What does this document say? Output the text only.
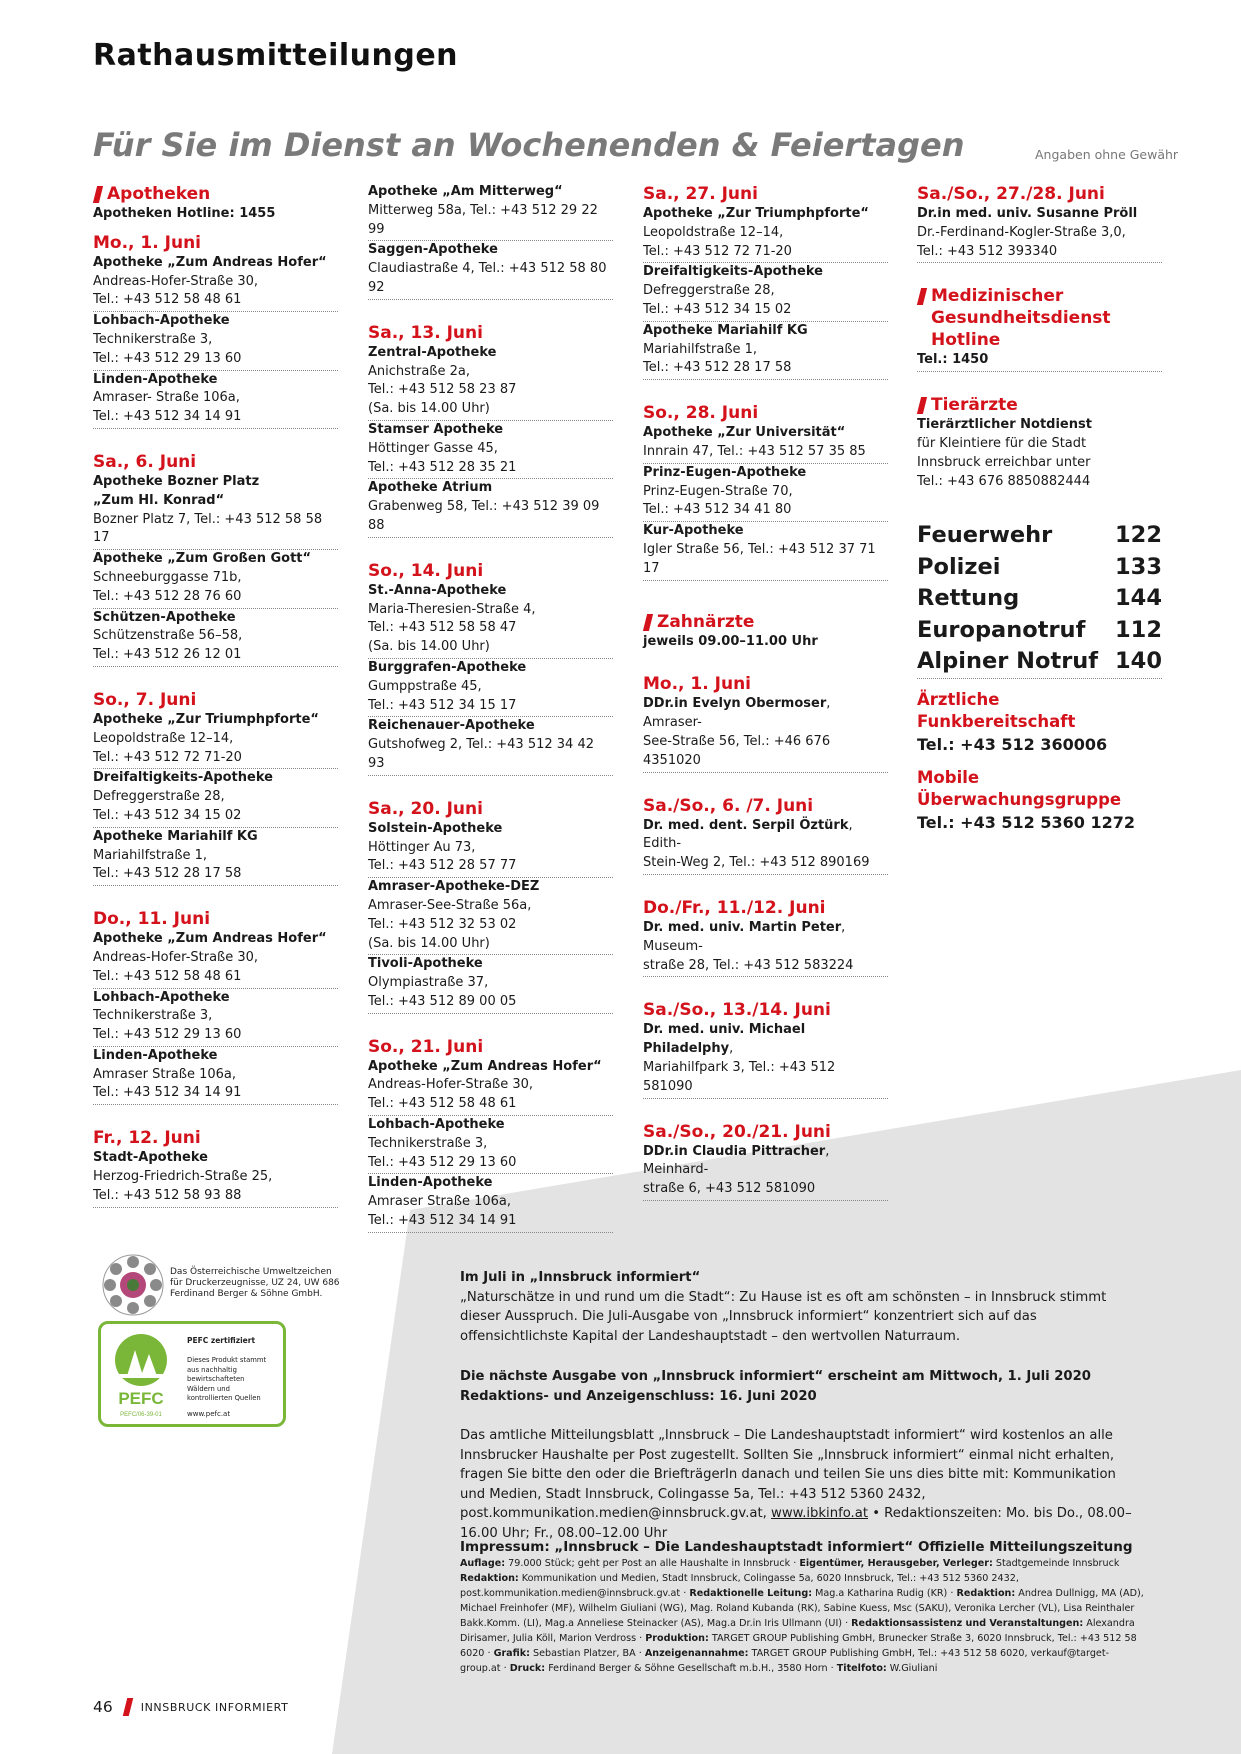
Rathausmitteilungen
Für Sie im Dienst an Wochenenden & Feiertagen	Angaben ohne Gewähr
Apotheken
Apotheken Hotline: 1455
Mo., 1. Juni
Apotheke „Zum Andreas Hofer“
Andreas-Hofer-Straße 30,
Tel.: +43 512 58 48 61
Lohbach-Apotheke
Technikerstraße 3,
Tel.: +43 512 29 13 60
Linden-Apotheke
Amraser- Straße 106a,
Tel.: +43 512 34 14 91
Sa., 6. Juni
Apotheke Bozner Platz
„Zum Hl. Konrad“
Bozner Platz 7, Tel.: +43 512 58 58 17
Apotheke „Zum Großen Gott“
Schneeburggasse 71b,
Tel.: +43 512 28 76 60
Schützen-Apotheke
Schützenstraße 56–58,
Tel.: +43 512 26 12 01
So., 7. Juni
Apotheke „Zur Triumphpforte“
Leopoldstraße 12–14,
Tel.: +43 512 72 71-20
Dreifaltigkeits-Apotheke
Defreggerstraße 28,
Tel.: +43 512 34 15 02
Apotheke Mariahilf KG
Mariahilfstraße 1,
Tel.: +43 512 28 17 58
Do., 11. Juni
Apotheke „Zum Andreas Hofer“
Andreas-Hofer-Straße 30,
Tel.: +43 512 58 48 61
Lohbach-Apotheke
Technikerstraße 3,
Tel.: +43 512 29 13 60
Linden-Apotheke
Amraser Straße 106a,
Tel.: +43 512 34 14 91
Fr., 12. Juni
Stadt-Apotheke
Herzog-Friedrich-Straße 25,
Tel.: +43 512 58 93 88
Apotheke „Am Mitterweg“
Mitterweg 58a, Tel.: +43 512 29 22 99
Saggen-Apotheke
Claudiastraße 4, Tel.: +43 512 58 80 92
Sa., 13. Juni
Zentral-Apotheke
Anichstraße 2a,
Tel.: +43 512 58 23 87
(Sa. bis 14.00 Uhr)
Stamser Apotheke
Höttinger Gasse 45,
Tel.: +43 512 28 35 21
Apotheke Atrium
Grabenweg 58, Tel.: +43 512 39 09 88
So., 14. Juni
St.-Anna-Apotheke
Maria-Theresien-Straße 4,
Tel.: +43 512 58 58 47
(Sa. bis 14.00 Uhr)
Burggrafen-Apotheke
Gumppstraße 45,
Tel.: +43 512 34 15 17
Reichenauer-Apotheke
Gutshofweg 2, Tel.: +43 512 34 42 93
Sa., 20. Juni
Solstein-Apotheke
Höttinger Au 73,
Tel.: +43 512 28 57 77
Amraser-Apotheke-DEZ
Amraser-See-Straße 56a,
Tel.: +43 512 32 53 02
(Sa. bis 14.00 Uhr)
Tivoli-Apotheke
Olympiastraße 37,
Tel.: +43 512 89 00 05
So., 21. Juni
Apotheke „Zum Andreas Hofer“
Andreas-Hofer-Straße 30,
Tel.: +43 512 58 48 61
Lohbach-Apotheke
Technikerstraße 3,
Tel.: +43 512 29 13 60
Linden-Apotheke
Amraser Straße 106a,
Tel.: +43 512 34 14 91
Sa., 27. Juni
Apotheke „Zur Triumphpforte“
Leopoldstraße 12–14,
Tel.: +43 512 72 71-20
Dreifaltigkeits-Apotheke
Defreggerstraße 28,
Tel.: +43 512 34 15 02
Apotheke Mariahilf KG
Mariahilfstraße 1,
Tel.: +43 512 28 17 58
So., 28. Juni
Apotheke „Zur Universität“
Innrain 47, Tel.: +43 512 57 35 85
Prinz-Eugen-Apotheke
Prinz-Eugen-Straße 70,
Tel.: +43 512 34 41 80
Kur-Apotheke
Igler Straße 56, Tel.: +43 512 37 71 17
Zahnärzte
jeweils 09.00–11.00 Uhr
Mo., 1. Juni
DDr.in Evelyn Obermoser, Amraser-
See-Straße 56, Tel.: +46 676 4351020
Sa./So., 6. /7. Juni
Dr. med. dent. Serpil Öztürk, Edith-
Stein-Weg 2, Tel.: +43 512 890169
Do./Fr., 11./12. Juni
Dr. med. univ. Martin Peter, Museum-
straße 28, Tel.: +43 512 583224
Sa./So., 13./14. Juni
Dr. med. univ. Michael Philadelphy,
Mariahilfpark 3, Tel.: +43 512 581090
Sa./So., 20./21. Juni
DDr.in Claudia Pittracher, Meinhard-
straße 6, +43 512 581090
Sa./So., 27./28. Juni
Dr.in med. univ. Susanne Pröll
Dr.-Ferdinand-Kogler-Straße 3,0,
Tel.: +43 512 393340
Medizinischer
Gesundheitsdienst Hotline
Tel.: 1450
Tierärzte
Tierärztlicher Notdienst
für Kleintiere für die Stadt
Innsbruck erreichbar unter
Tel.: +43 676 8850882444
Feuerwehr	122
Polizei	133
Rettung	144
Europanotruf 112
Alpiner Notruf 140
Ärztliche Funkbereitschaft
Tel.: +43 512 360006
Mobile Überwachungsgruppe
Tel.: +43 512 5360 1272
Das Österreichische Umweltzeichen
für Druckerzeugnisse, UZ 24, UW 686
Ferdinand Berger & Söhne GmbH.
PEFC
PEFC/06-39-01
PEFC zertifiziert
Dieses Produkt stammt
aus nachhaltig
bewirtschafteten
Wäldern und
kontrollierten Quellen
www.pefc.at
Im Juli in „Innsbruck informiert“
„Naturschätze in und rund um die Stadt“: Zu Hause ist es oft am schönsten – in Innsbruck stimmt dieser Ausspruch. Die Juli-Ausgabe von „Innsbruck informiert“ konzentriert sich auf das offensichtlichste Kapital der Landeshauptstadt – den wertvollen Naturraum.
Die nächste Ausgabe von „Innsbruck informiert“ erscheint am Mittwoch, 1. Juli 2020
Redaktions- und Anzeigenschluss: 16. Juni 2020
Das amtliche Mitteilungsblatt „Innsbruck – Die Landeshauptstadt informiert“ wird kostenlos an alle Innsbrucker Haushalte per Post zugestellt. Sollten Sie „Innsbruck informiert“ einmal nicht erhalten, fragen Sie bitte den oder die BriefträgerIn danach und teilen Sie uns dies bitte mit: Kommunikation und Medien, Stadt Innsbruck, Colingasse 5a, Tel.: +43 512 5360 2432, post.kommunikation.medien@innsbruck.gv.at, www.ibkinfo.at • Redaktionszeiten: Mo. bis Do., 08.00–16.00 Uhr; Fr., 08.00–12.00 Uhr
Impressum: „Innsbruck – Die Landeshauptstadt informiert“ Offizielle Mitteilungszeitung
Auflage: 79.000 Stück; geht per Post an alle Haushalte in Innsbruck · Eigentümer, Herausgeber, Verleger: Stadtgemeinde Innsbruck Redaktion: Kommunikation und Medien, Stadt Innsbruck, Colingasse 5a, 6020 Innsbruck, Tel.: +43 512 5360 2432, post.kommunikation.medien@innsbruck.gv.at · Redaktionelle Leitung: Mag.a Katharina Rudig (KR) · Redaktion: Andrea Dullnigg, MA (AD), Michael Freinhofer (MF), Wilhelm Giuliani (WG), Mag. Roland Kubanda (RK), Sabine Kuess, Msc (SAKU), Veronika Lercher (VL), Lisa Reinthaler Bakk.Komm. (LI), Mag.a Anneliese Steinacker (AS), Mag.a Dr.in Iris Ullmann (UI) · Redaktionsassistenz und Veranstaltungen: Alexandra Dirisamer, Julia Köll, Marion Verdross · Produktion: TARGET GROUP Publishing GmbH, Brunecker Straße 3, 6020 Innsbruck, Tel.: +43 512 58 6020 · Grafik: Sebastian Platzer, BA · Anzeigenannahme: TARGET GROUP Publishing GmbH, Tel.: +43 512 58 6020, verkauf@target-group.at · Druck: Ferdinand Berger & Söhne Gesellschaft m.b.H., 3580 Horn · Titelfoto: W.Giuliani
46	INNSBRUCK INFORMIERT
